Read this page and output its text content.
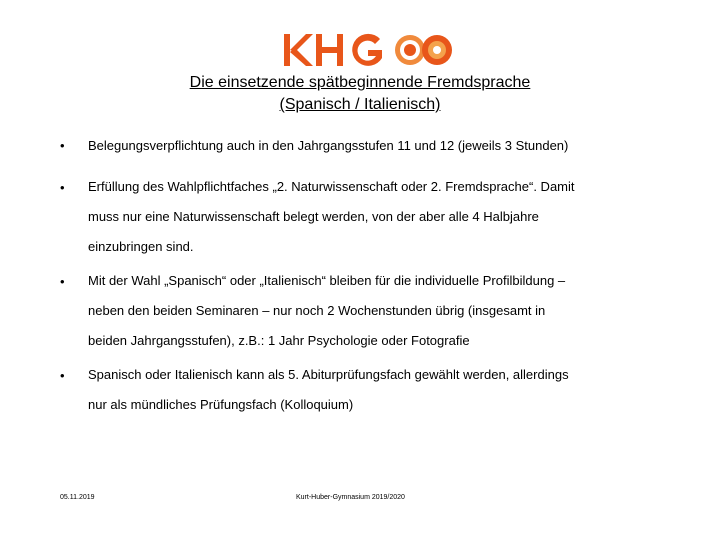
Die einsetzende spätbeginnende Fremdsprache
(Spanisch / Italienisch)
• Belegungsverpflichtung auch in den Jahrgangsstufen 11 und 12 (jeweils 3 Stunden)
• Erfüllung des Wahlpflichtfaches „2. Naturwissenschaft oder 2. Fremdsprache“. Damit
muss nur eine Naturwissenschaft belegt werden, von der aber alle 4 Halbjahre
einzubringen sind.
• Mit der Wahl „Spanisch“ oder „Italienisch“ bleiben für die individuelle Profilbildung –
neben den beiden Seminaren – nur noch 2 Wochenstunden übrig (insgesamt in
beiden Jahrgangsstufen), z.B.: 1 Jahr Psychologie oder Fotografie
• Spanisch oder Italienisch kann als 5. Abiturprüfungsfach gewählt werden, allerdings
nur als mündliches Prüfungsfach (Kolloquium)
05.11.2019	Kurt-Huber-Gymnasium 2019/2020
